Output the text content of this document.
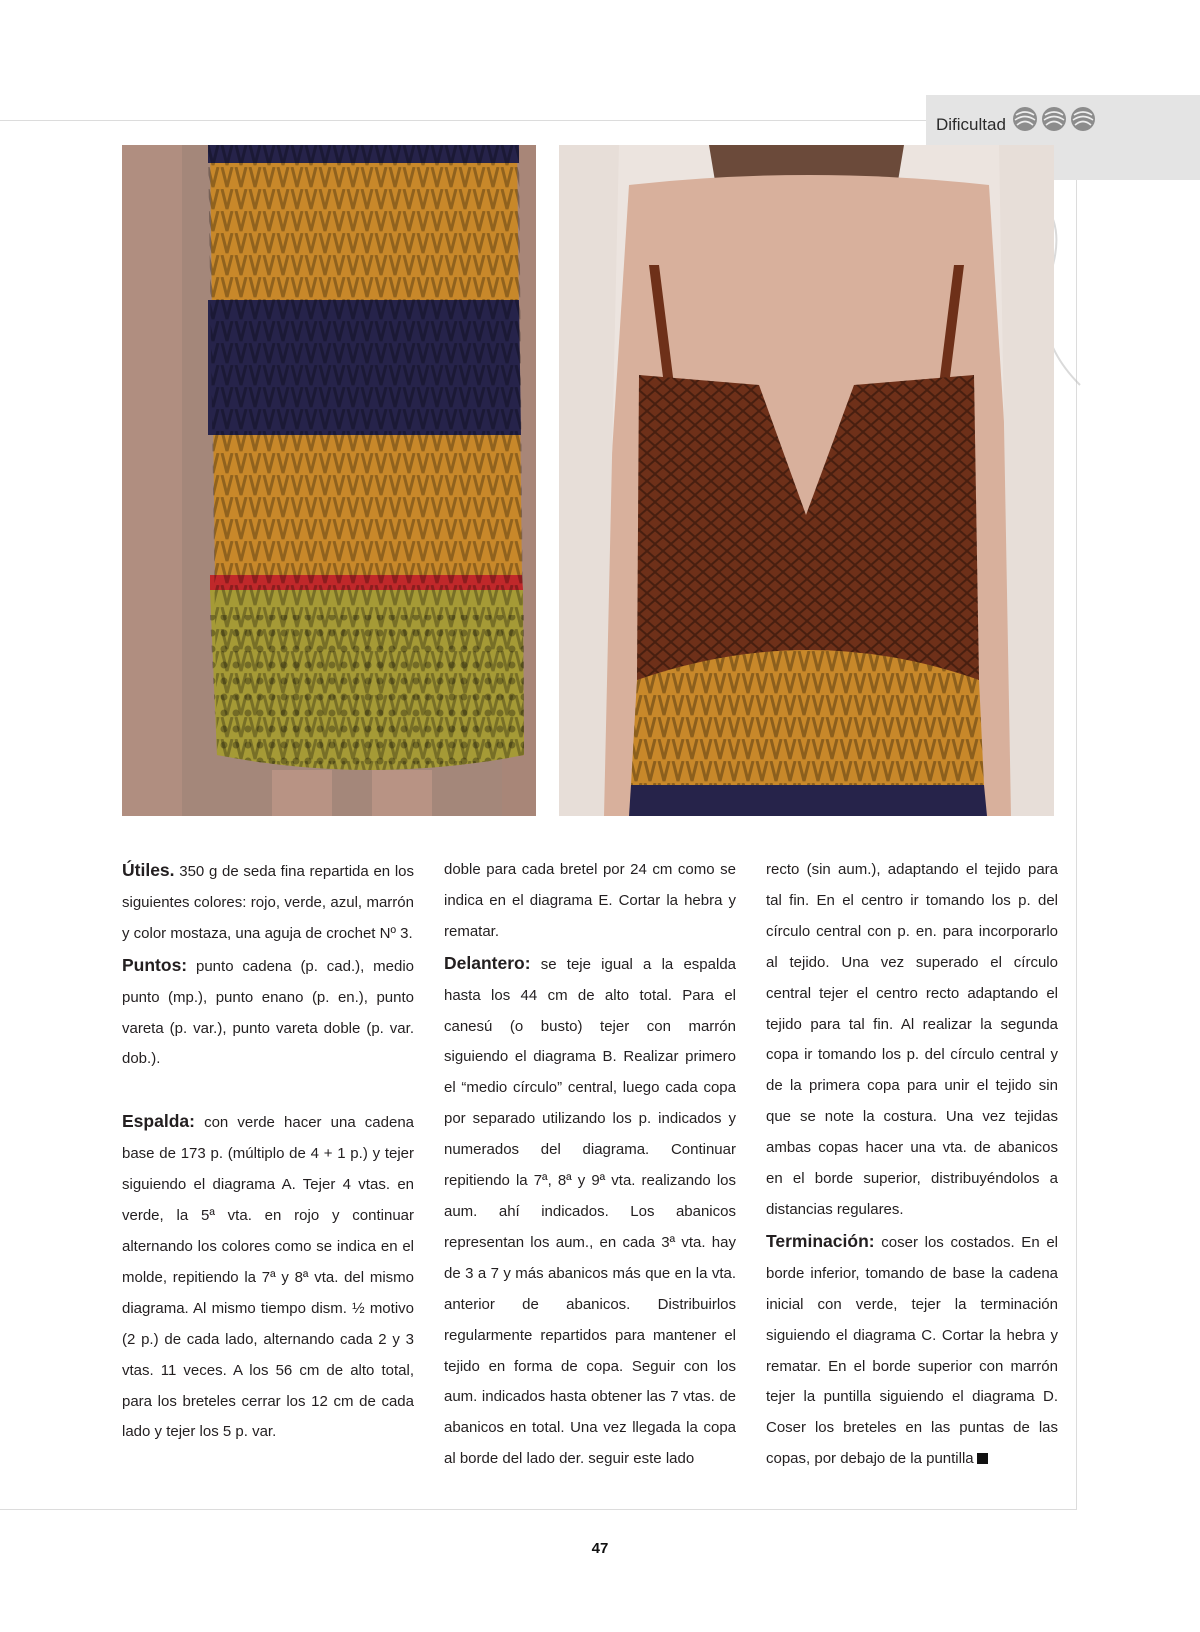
Dificultad

Útiles. 350 g de seda fina repartida en los siguientes colores: rojo, verde, azul, marrón y color mostaza, una aguja de crochet Nº 3.

Puntos: punto cadena (p. cad.), medio punto (mp.), punto enano (p. en.), punto vareta (p. var.), punto vareta doble (p. var. dob.).

Espalda: con verde hacer una cadena base de 173 p. (múltiplo de 4 + 1 p.) y tejer siguiendo el diagrama A. Tejer 4 vtas. en verde, la 5ª vta. en rojo y continuar alternando los colores como se indica en el molde, repitiendo la 7ª y 8ª vta. del mismo diagrama. Al mismo tiempo dism. ½ motivo (2 p.) de cada lado, alternando cada 2 y 3 vtas. 11 veces. A los 56 cm de alto total, para los breteles cerrar los 12 cm de cada lado y tejer los 5 p. var.

doble para cada bretel por 24 cm como se indica en el diagrama E. Cortar la hebra y rematar.

Delantero: se teje igual a la espalda hasta los 44 cm de alto total. Para el canesú (o busto) tejer con marrón siguiendo el diagrama B. Realizar primero el “medio círculo” central, luego cada copa por separado utilizando los p. indicados y numerados del diagrama. Continuar repitiendo la 7ª, 8ª y 9ª vta. realizando los aum. ahí indicados. Los abanicos representan los aum., en cada 3ª vta. hay de 3 a 7 y más abanicos más que en la vta. anterior de abanicos. Distribuirlos regularmente repartidos para mantener el tejido en forma de copa. Seguir con los aum. indicados hasta obtener las 7 vtas. de abanicos en total. Una vez llegada la copa al borde del lado der. seguir este lado

recto (sin aum.), adaptando el tejido para tal fin. En el centro ir tomando los p. del círculo central con p. en. para incorporarlo al tejido. Una vez superado el círculo central tejer el centro recto adaptando el tejido para tal fin. Al realizar la segunda copa ir tomando los p. del círculo central y de la primera copa para unir el tejido sin que se note la costura. Una vez tejidas ambas copas hacer una vta. de abanicos en el borde superior, distribuyéndolos a distancias regulares.

Terminación: coser los costados. En el borde inferior, tomando de base la cadena inicial con verde, tejer la terminación siguiendo el diagrama C. Cortar la hebra y rematar. En el borde superior con marrón tejer la puntilla siguiendo el diagrama D. Coser los breteles en las puntas de las copas, por debajo de la puntilla

47
